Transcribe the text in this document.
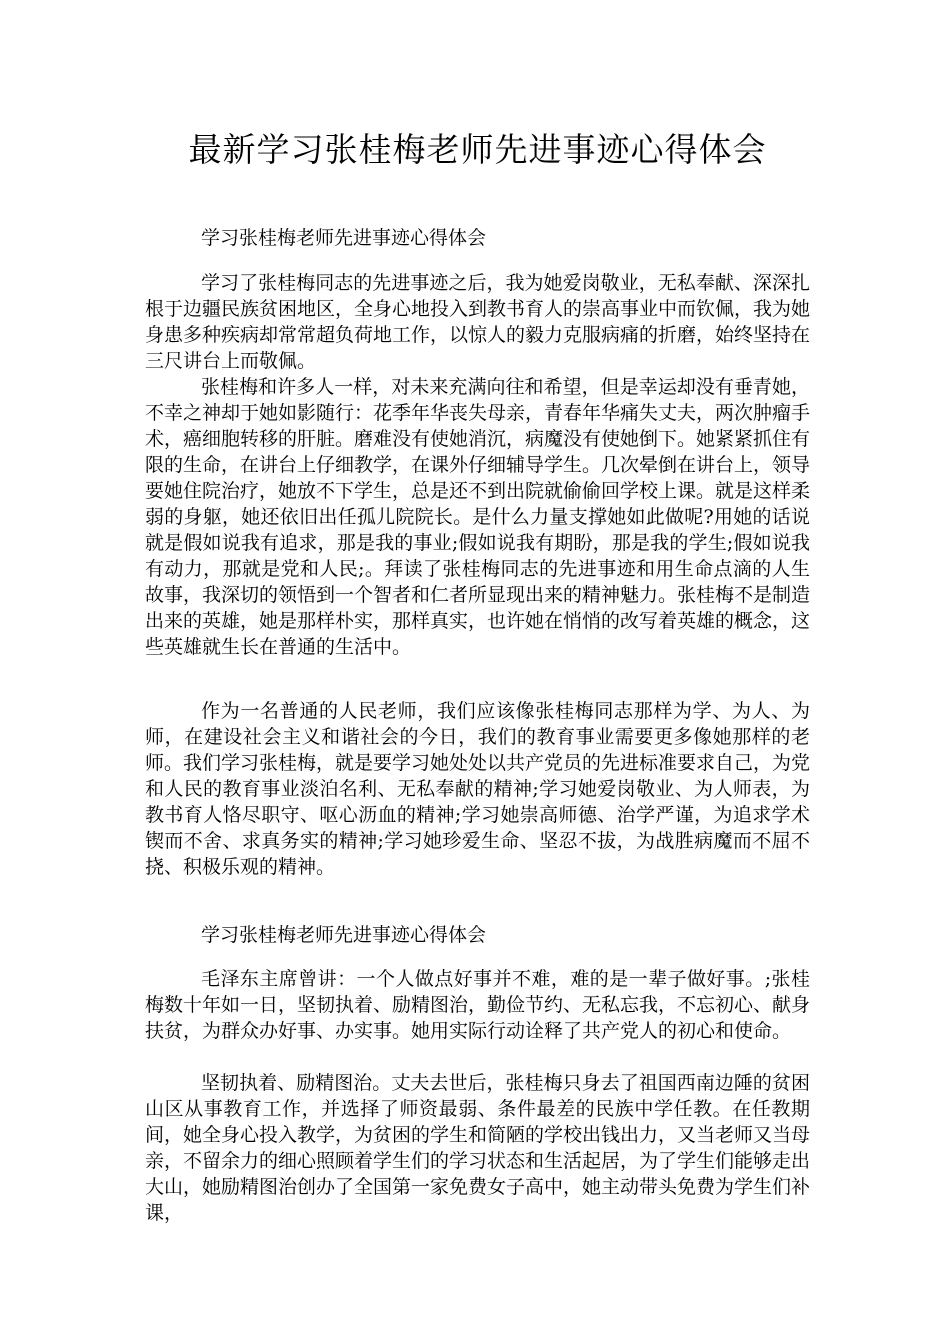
最新学习张桂梅老师先进事迹心得体会
学习张桂梅老师先进事迹心得体会

学习了张桂梅同志的先进事迹之后，我为她爱岗敬业，无私奉献、深深扎根于边疆民族贫困地区，全身心地投入到教书育人的崇高事业中而钦佩，我为她身患多种疾病却常常超负荷地工作，以惊人的毅力克服病痛的折磨，始终坚持在三尺讲台上而敬佩。

张桂梅和许多人一样，对未来充满向往和希望，但是幸运却没有垂青她，不幸之神却于她如影随行：花季年华丧失母亲，青春年华痛失丈夫，两次肿瘤手术，癌细胞转移的肝脏。磨难没有使她消沉，病魔没有使她倒下。她紧紧抓住有限的生命，在讲台上仔细教学，在课外仔细辅导学生。几次晕倒在讲台上，领导要她住院治疗，她放不下学生，总是还不到出院就偷偷回学校上课。就是这样柔弱的身躯，她还依旧出任孤儿院院长。是什么力量支撑她如此做呢?用她的话说就是假如说我有追求，那是我的事业;假如说我有期盼，那是我的学生;假如说我有动力，那就是党和人民;。拜读了张桂梅同志的先进事迹和用生命点滴的人生故事，我深切的领悟到一个智者和仁者所显现出来的精神魅力。张桂梅不是制造出来的英雄，她是那样朴实，那样真实，也许她在悄悄的改写着英雄的概念，这些英雄就生长在普通的生活中。

作为一名普通的人民老师，我们应该像张桂梅同志那样为学、为人、为师，在建设社会主义和谐社会的今日，我们的教育事业需要更多像她那样的老师。我们学习张桂梅，就是要学习她处处以共产党员的先进标准要求自己，为党和人民的教育事业淡泊名利、无私奉献的精神;学习她爱岗敬业、为人师表，为教书育人恪尽职守、呕心沥血的精神;学习她崇高师德、治学严谨，为追求学术锲而不舍、求真务实的精神;学习她珍爱生命、坚忍不拔，为战胜病魔而不屈不挠、积极乐观的精神。

学习张桂梅老师先进事迹心得体会

毛泽东主席曾讲：一个人做点好事并不难，难的是一辈子做好事。;张桂梅数十年如一日，坚韧执着、励精图治，勤俭节约、无私忘我，不忘初心、献身扶贫，为群众办好事、办实事。她用实际行动诠释了共产党人的初心和使命。

坚韧执着、励精图治。丈夫去世后，张桂梅只身去了祖国西南边陲的贫困山区从事教育工作，并选择了师资最弱、条件最差的民族中学任教。在任教期间，她全身心投入教学，为贫困的学生和简陋的学校出钱出力，又当老师又当母亲，不留余力的细心照顾着学生们的学习状态和生活起居，为了学生们能够走出大山，她励精图治创办了全国第一家免费女子高中，她主动带头免费为学生们补课，
